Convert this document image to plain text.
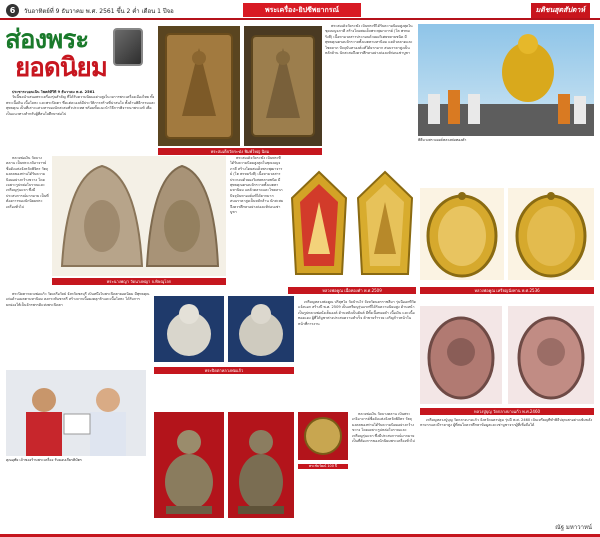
6	วันอาทิตย์ที่ 9 ธันวาคม พ.ศ. 2561 ขึ้น 2 ค่ำ เดือน 1 ปีจอ	พระเครื่อง-ยิปซีพยากรณ์	มติชนสุดสัปดาห์
ส่องพระ
ยอดนิยม

ประชาระบอนเนิน โพสต์ทีวีที่ 9 ธันวาคม พ.ศ. 2561

วันนี้ขอนำเสนอพระเครื่องรุ่นสำคัญ ที่ได้รับความนิยมอย่างสูงในวงการพระเครื่องเมืองไทย ทั้งพระเนื้อดิน เนื้อโลหะ และพระปิดตา ซึ่งแต่ละองค์มีประวัติการสร้างที่น่าสนใจ ทั้งด้านพิธีกรรมและพุทธคุณ เป็นที่เสาะแสวงหาของนักสะสมทั่วประเทศ พร้อมทั้งแนะนำวิธีการพิจารณาพระแท้ เพื่อเป็นแนวทางสำหรับผู้ที่สนใจศึกษาต่อไป

พระสมเด็จวัดระฆัง พิมพ์ใหญ่ นิยม

พระสมเด็จวัดระฆัง เป็นพระที่ได้รับความนิยมสูงสุดในชุดเบญจภาคี สร้างโดยสมเด็จพระพุฒาจารย์ (โต พรหมรังสี) เนื้อหามวลสารประกอบด้วยผงวิเศษหลายชนิด มีพุทธคุณครอบจักรวาลทั้งเมตตามหานิยม แคล้วคลาดและโชคลาภ ปัจจุบันหาองค์แท้ได้ยากมาก สนนราคาสูงเป็นหลักล้าน นักสะสมจึงควรศึกษาอย่างถ่องแท้ก่อนเช่าบูชา

พิธีบวงสรวงองค์หลวงพ่อทองคำ
พระนางพญา วัดนางพญา จ.พิษณุโลก

หลวงพ่อเงิน วัดบางคลาน เป็นพระเกจิอาจารย์ชื่อดังแห่งจังหวัดพิจิตร วัตถุมงคลของท่านได้รับความนิยมอย่างกว้างขวาง โดยเฉพาะรูปหล่อโบราณและเหรียญรุ่นแรก ซึ่งมีประสบการณ์มากมาย เป็นที่ต้องการของนักนิยมพระเครื่องทั่วไป

พระสมเด็จวัดระฆัง เป็นพระที่ได้รับความนิยมสูงสุดในชุดเบญจภาคี สร้างโดยสมเด็จพระพุฒาจารย์ (โต พรหมรังสี) เนื้อหามวลสารประกอบด้วยผงวิเศษหลายชนิด มีพุทธคุณครอบจักรวาลทั้งเมตตามหานิยม แคล้วคลาดและโชคลาภ ปัจจุบันหาองค์แท้ได้ยากมาก สนนราคาสูงเป็นหลักล้าน นักสะสมจึงควรศึกษาอย่างถ่องแท้ก่อนเช่าบูชา

หลวงพ่อคูณ เนื้อทองคำ พ.ศ.2509	หลวงพ่อคูณ เหรียญนั่งพาน พ.ศ.2536
พระปิดตาหลวงพ่อแก้ว

เหรียญหลวงพ่อคูณ ปริสุทโธ วัดบ้านไร่ จังหวัดนครราชสีมา รุ่นนี้ออกที่วัดแจ้งนอก สร้างปี พ.ศ. 2509 เป็นเหรียญรุ่นแรกที่ได้รับความนิยมสูง ด้านหน้าเป็นรูปหลวงพ่อนั่งเต็มองค์ ด้านหลังเป็นยันต์ มีทั้งเนื้อทองคำ เนื้อเงิน และเนื้อทองแดง ผู้ที่ได้บูชาต่างประสบความสำเร็จ ค้าขายร่ำรวย เจริญก้าวหน้าในหน้าที่การงาน

หลวงปู่บุญ วัดกลางบางแก้ว พ.ศ.2460
คุณอุทัย เจ้าของร้านพระเครื่อง รับมอบเกียรติบัตร

พระปิดตาหลวงพ่อแก้ว วัดเครือวัลย์ จังหวัดชลบุรี เป็นหนึ่งในพระปิดตายอดนิยม มีพุทธคุณเด่นด้านเมตตามหานิยม คงกระพันชาตรี สร้างจากเนื้อผงคลุกรักและเนื้อโลหะ ได้รับการยกย่องให้เป็นจักรพรรดิแห่งพระปิดตา

พระชัยวัฒน์ 100 ปี

เหรียญหลวงปู่บุญ วัดกลางบางแก้ว จังหวัดนครปฐม รุ่นปี พ.ศ. 2460 เป็นเหรียญที่ทำพิธีปลุกเสกอย่างเข้มขลัง หายากและมีราคาสูง ผู้ที่สนใจควรศึกษาข้อมูลและเช่าบูชาจากผู้ที่เชื่อถือได้

หลวงพ่อเงิน วัดบางคลาน เป็นพระเกจิอาจารย์ชื่อดังแห่งจังหวัดพิจิตร วัตถุมงคลของท่านได้รับความนิยมอย่างกว้างขวาง โดยเฉพาะรูปหล่อโบราณและเหรียญรุ่นแรก ซึ่งมีประสบการณ์มากมาย เป็นที่ต้องการของนักนิยมพระเครื่องทั่วไป

ณัฐ มหาวาหน์
